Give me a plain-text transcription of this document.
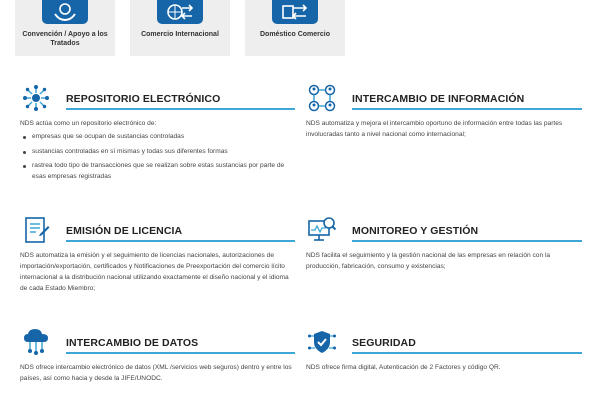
Convención / Apoyo a los Tratados
Comercio Internacional	Doméstico Comercio
REPOSITORIO ELECTRÓNICO
NDS actúa como un repositorio electrónico de:
empresas que se ocupan de sustancias controladas
sustancias controladas en sí mismas y todas sus diferentes formas
rastrea todo tipo de transacciones que se realizan sobre estas sustancias por parte de esas empresas registradas
INTERCAMBIO DE INFORMACIÓN
NDS automatiza y mejora el intercambio oportuno de información entre todas las partes involucradas tanto a nivel nacional como internacional;
EMISIÓN DE LICENCIA
NDS automatiza la emisión y el seguimiento de licencias nacionales, autorizaciones de importación/exportación, certificados y Notificaciones de Preexportación del comercio lícito internacional a la distribución nacional utilizando exactamente el diseño nacional y el idioma de cada Estado Miembro;
MONITOREO Y GESTIÓN
NDS facilita el seguimiento y la gestión nacional de las empresas en relación con la producción, fabricación, consumo y existencias;
INTERCAMBIO DE DATOS
NDS ofrece intercambio electrónico de datos (XML /servicios web seguros) dentro y entre los países, así como hacia y desde la JIFE/UNODC.
SEGURIDAD
NDS ofrece firma digital, Autenticación de 2 Factores y código QR.
